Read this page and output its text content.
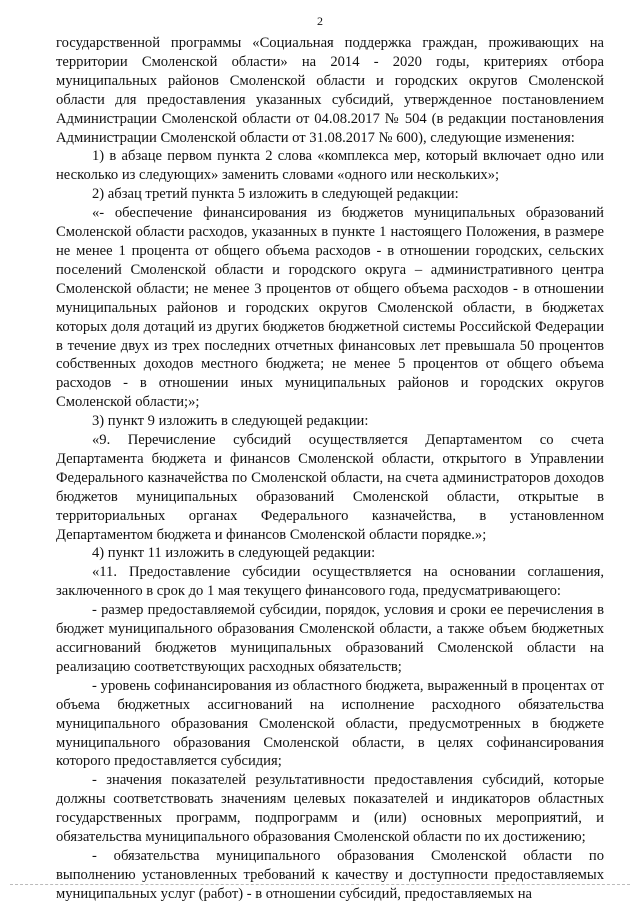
2

государственной программы «Социальная поддержка граждан, проживающих на территории Смоленской области» на 2014 - 2020 годы, критериях отбора муниципальных районов Смоленской области и городских округов Смоленской области для предоставления указанных субсидий, утвержденное постановлением Администрации Смоленской области от 04.08.2017 № 504 (в редакции постановления Администрации Смоленской области от 31.08.2017 № 600), следующие изменения:

1) в абзаце первом пункта 2 слова «комплекса мер, который включает одно или несколько из следующих» заменить словами «одного или нескольких»;

2) абзац третий пункта 5 изложить в следующей редакции:

«- обеспечение финансирования из бюджетов муниципальных образований Смоленской области расходов, указанных в пункте 1 настоящего Положения, в размере не менее 1 процента от общего объема расходов - в отношении городских, сельских поселений Смоленской области и городского округа – административного центра Смоленской области; не менее 3 процентов от общего объема расходов - в отношении муниципальных районов и городских округов Смоленской области, в бюджетах которых доля дотаций из других бюджетов бюджетной системы Российской Федерации в течение двух из трех последних отчетных финансовых лет превышала 50 процентов собственных доходов местного бюджета; не менее 5 процентов от общего объема расходов - в отношении иных муниципальных районов и городских округов Смоленской области;»;

3) пункт 9 изложить в следующей редакции:

«9. Перечисление субсидий осуществляется Департаментом со счета Департамента бюджета и финансов Смоленской области, открытого в Управлении Федерального казначейства по Смоленской области, на счета администраторов доходов бюджетов муниципальных образований Смоленской области, открытые в территориальных органах Федерального казначейства, в установленном Департаментом бюджета и финансов Смоленской области порядке.»;

4) пункт 11 изложить в следующей редакции:

«11. Предоставление субсидии осуществляется на основании соглашения, заключенного в срок до 1 мая текущего финансового года, предусматривающего:

- размер предоставляемой субсидии, порядок, условия и сроки ее перечисления в бюджет муниципального образования Смоленской области, а также объем бюджетных ассигнований бюджетов муниципальных образований Смоленской области на реализацию соответствующих расходных обязательств;

- уровень софинансирования из областного бюджета, выраженный в процентах от объема бюджетных ассигнований на исполнение расходного обязательства муниципального образования Смоленской области, предусмотренных в бюджете муниципального образования Смоленской области, в целях софинансирования которого предоставляется субсидия;

- значения показателей результативности предоставления субсидий, которые должны соответствовать значениям целевых показателей и индикаторов областных государственных программ, подпрограмм и (или) основных мероприятий, и обязательства муниципального образования Смоленской области по их достижению;

- обязательства муниципального образования Смоленской области по выполнению установленных требований к качеству и доступности предоставляемых муниципальных услуг (работ) - в отношении субсидий, предоставляемых на
